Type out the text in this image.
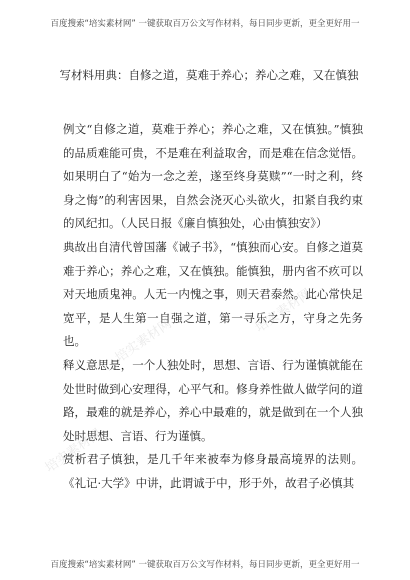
百度搜索“培实素材网” 一键获取百万公文写作材料，每日同步更新，更全更好用一
写材料用典：自修之道，莫难于养心；养心之难，又在慎独

例文“自修之道，莫难于养心；养心之难，又在慎独。”慎独的品质难能可贵，不是难在利益取舍，而是难在信念觉悟。如果明白了“始为一念之差，遂至终身莫赎”“一时之利，终身之悔”的利害因果，自然会浇灭心头欲火，扣紧自我约束的风纪扣。（人民日报《廉自慎独处，心由慎独安》）

典故出自清代曾国藩《诫子书》，“慎独而心安。自修之道莫难于养心；养心之难，又在慎独。能慎独，册内省不疚可以对天地质鬼神。人无一内愧之事，则天君泰然。此心常快足宽平，是人生第一自强之道，第一寻乐之方，守身之先务也。

释义意思是，一个人独处时，思想、言语、行为谨慎就能在处世时做到心安理得，心平气和。修身养性做人做学问的道路，最难的就是养心，养心中最难的，就是做到在一个人独处时思想、言语、行为谨慎。

赏析君子慎独，是几千年来被奉为修身最高境界的法则。《礼记·大学》中讲，此谓诚于中，形于外，故君子必慎其

培实素材网
培实素材网
培实素材网
百度搜索“培实素材网” 一键获取百万公文写作材料，每日同步更新，更全更好用一
